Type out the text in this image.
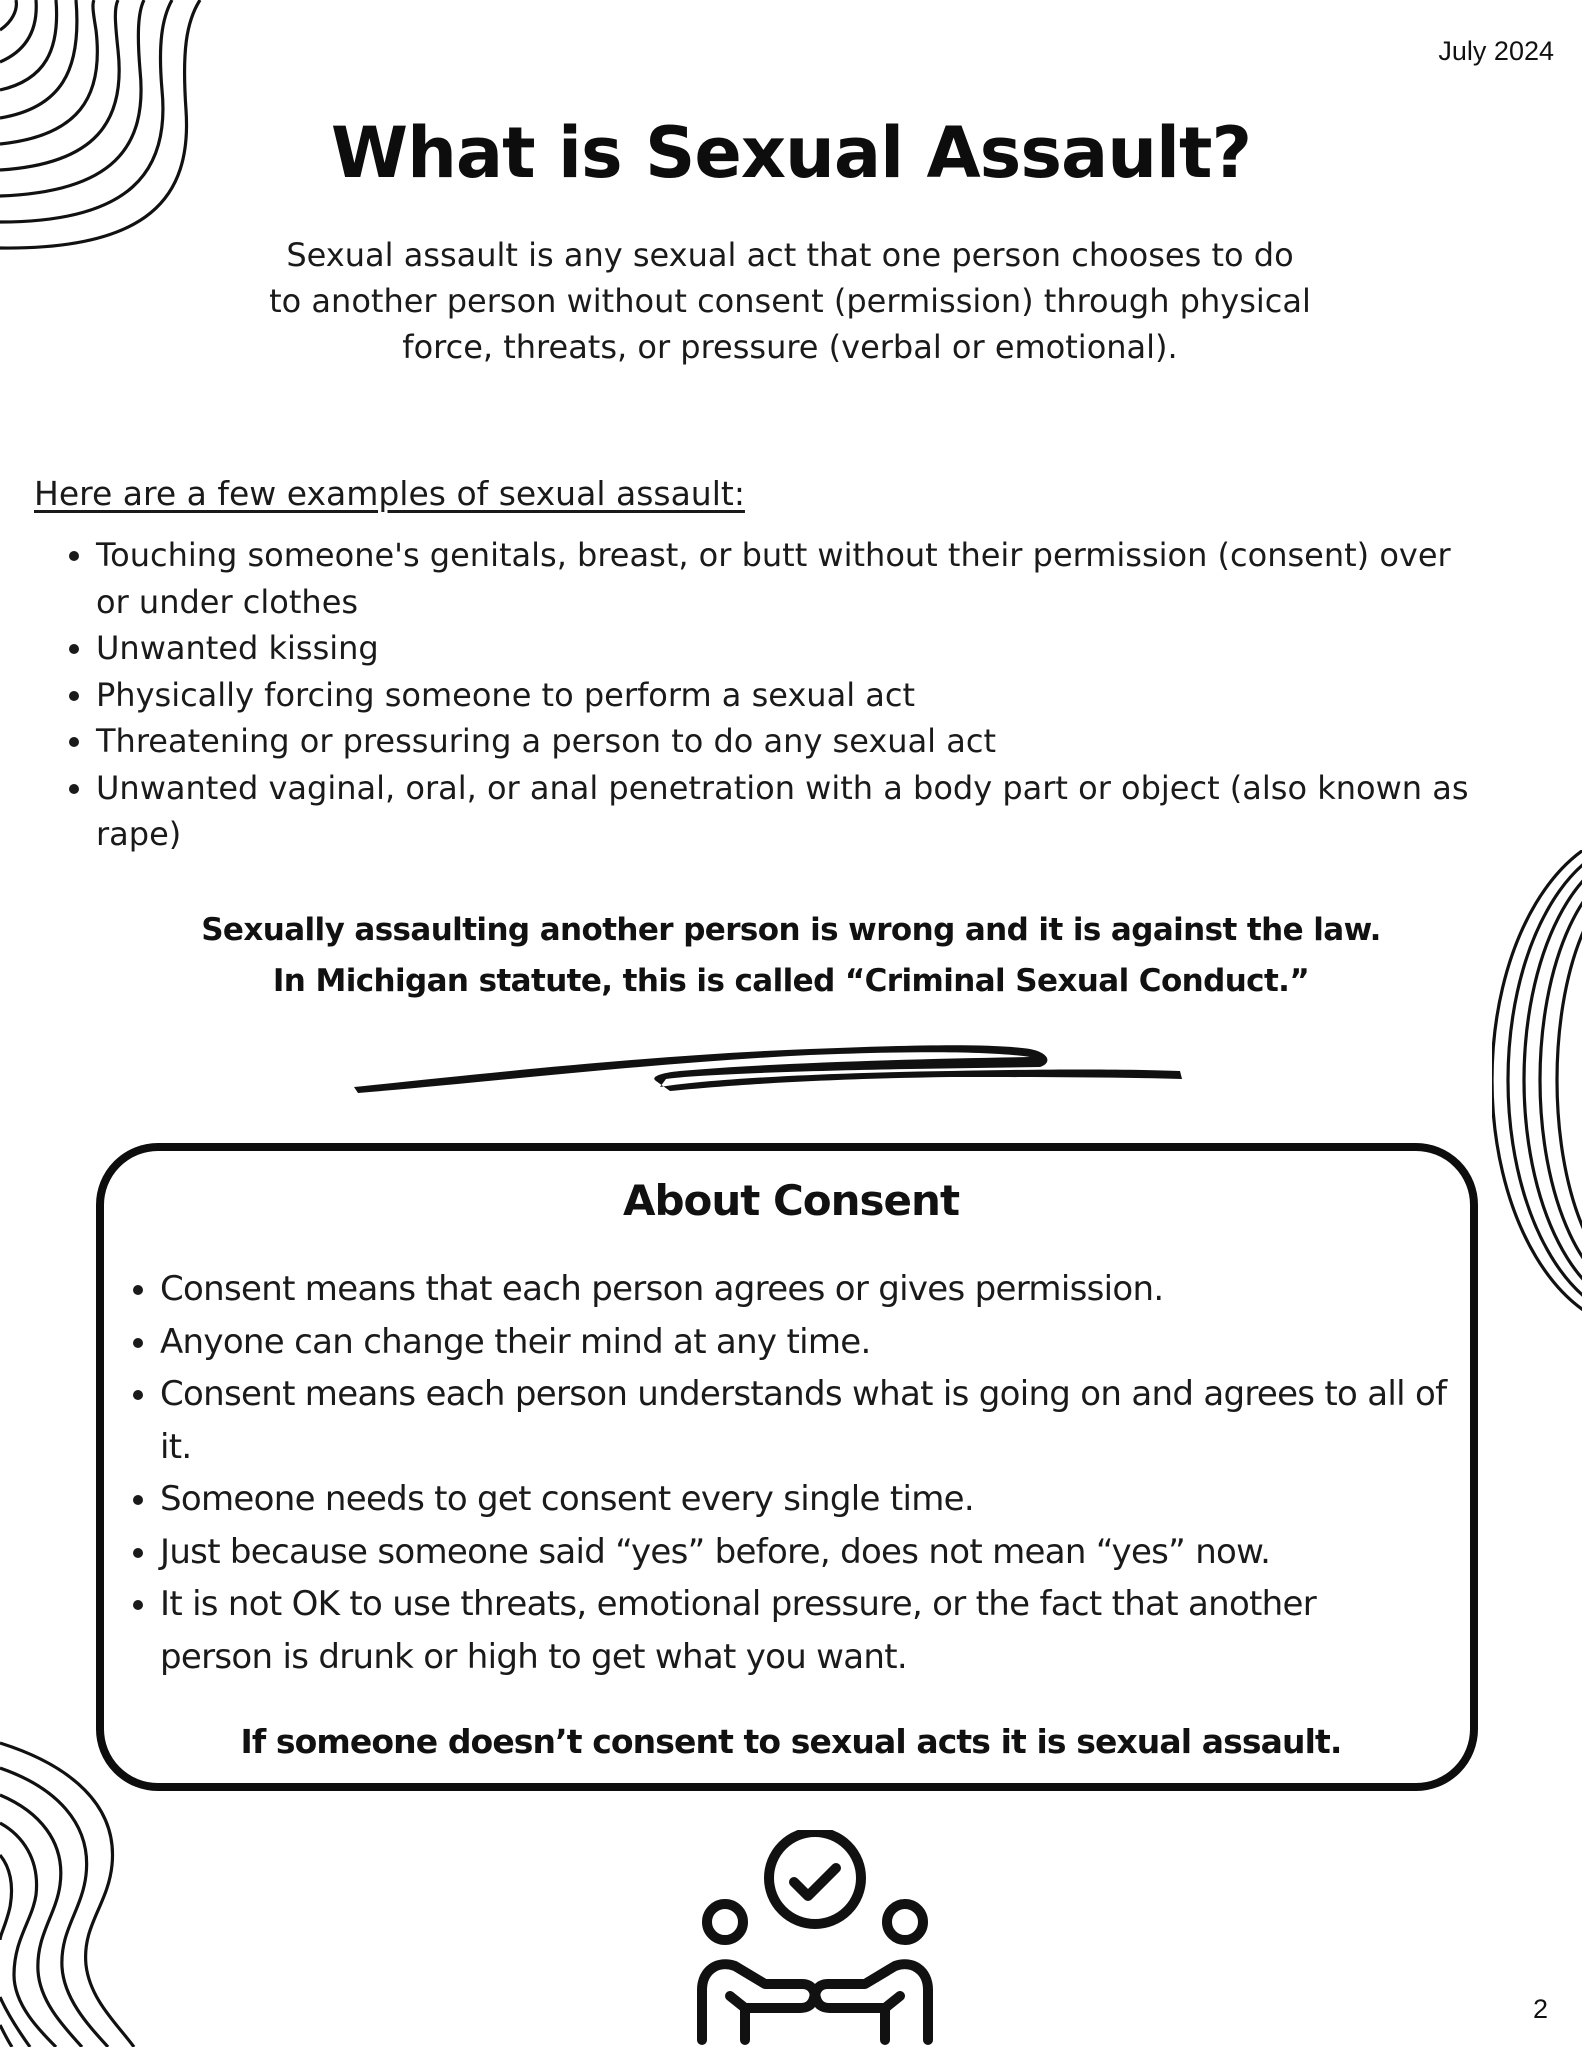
July 2024
What is Sexual Assault?
Sexual assault is any sexual act that one person chooses to do
to another person without consent (permission) through physical
force, threats, or pressure (verbal or emotional).
Here are a few examples of sexual assault:
• Touching someone's genitals, breast, or butt without their permission (consent) over or under clothes
• Unwanted kissing
• Physically forcing someone to perform a sexual act
• Threatening or pressuring a person to do any sexual act
• Unwanted vaginal, oral, or anal penetration with a body part or object (also known as rape)
Sexually assaulting another person is wrong and it is against the law.
In Michigan statute, this is called “Criminal Sexual Conduct.”
About Consent
• Consent means that each person agrees or gives permission.
• Anyone can change their mind at any time.
• Consent means each person understands what is going on and agrees to all of it.
• Someone needs to get consent every single time.
• Just because someone said “yes” before, does not mean “yes” now.
• It is not OK to use threats, emotional pressure, or the fact that another person is drunk or high to get what you want.
If someone doesn’t consent to sexual acts it is sexual assault.
2
